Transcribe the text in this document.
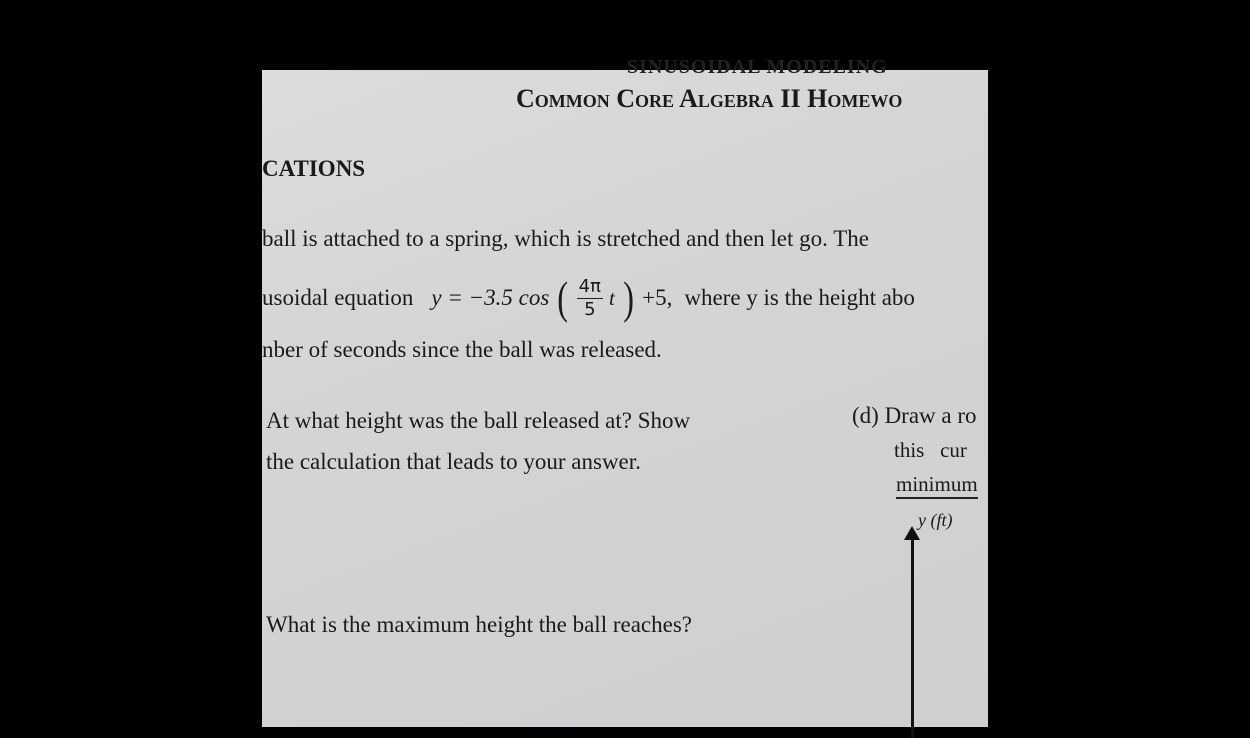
SINUSOIDAL MODELING
Common Core Algebra II Homewo
CATIONS
ball is attached to a spring, which is stretched and then let go. The
usoidal equation y = −3.5 cos ( $\frac{4\pi}{5}$ t ) +5, where y is the height abo
nber of seconds since the ball was released.
At what height was the ball released at? Show
the calculation that leads to your answer.
What is the maximum height the ball reaches?
(d) Draw a ro
this   cur
minimum
y (ft)
